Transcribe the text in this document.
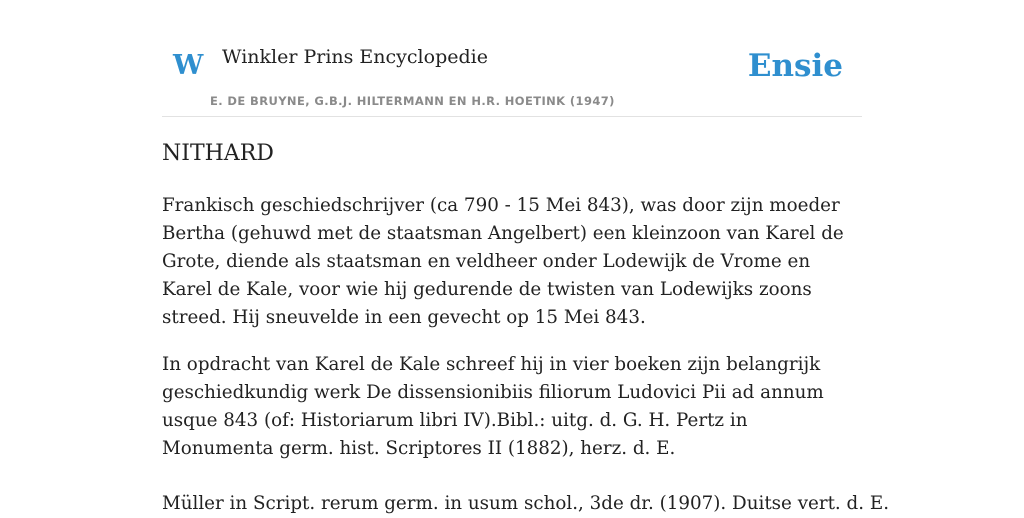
W Winkler Prins Encyclopedie
E. DE BRUYNE, G.B.J. HILTERMANN EN H.R. HOETINK (1947)
Ensie
NITHARD

Frankisch geschiedschrijver (ca 790 - 15 Mei 843), was door zijn moeder Bertha (gehuwd met de staatsman Angelbert) een kleinzoon van Karel de Grote, diende als staatsman en veldheer onder Lodewijk de Vrome en Karel de Kale, voor wie hij gedurende de twisten van Lodewijks zoons streed. Hij sneuvelde in een gevecht op 15 Mei 843.

In opdracht van Karel de Kale schreef hij in vier boeken zijn belangrijk geschiedkundig werk De dissensionibiis filiorum Ludovici Pii ad annum usque 843 (of: Historiarum libri IV).Bibl.: uitg. d. G. H. Pertz in Monumenta germ. hist. Scriptores II (1882), herz. d. E.

Müller in Script. rerum germ. in usum schol., 3de dr. (1907). Duitse vert. d. E.
